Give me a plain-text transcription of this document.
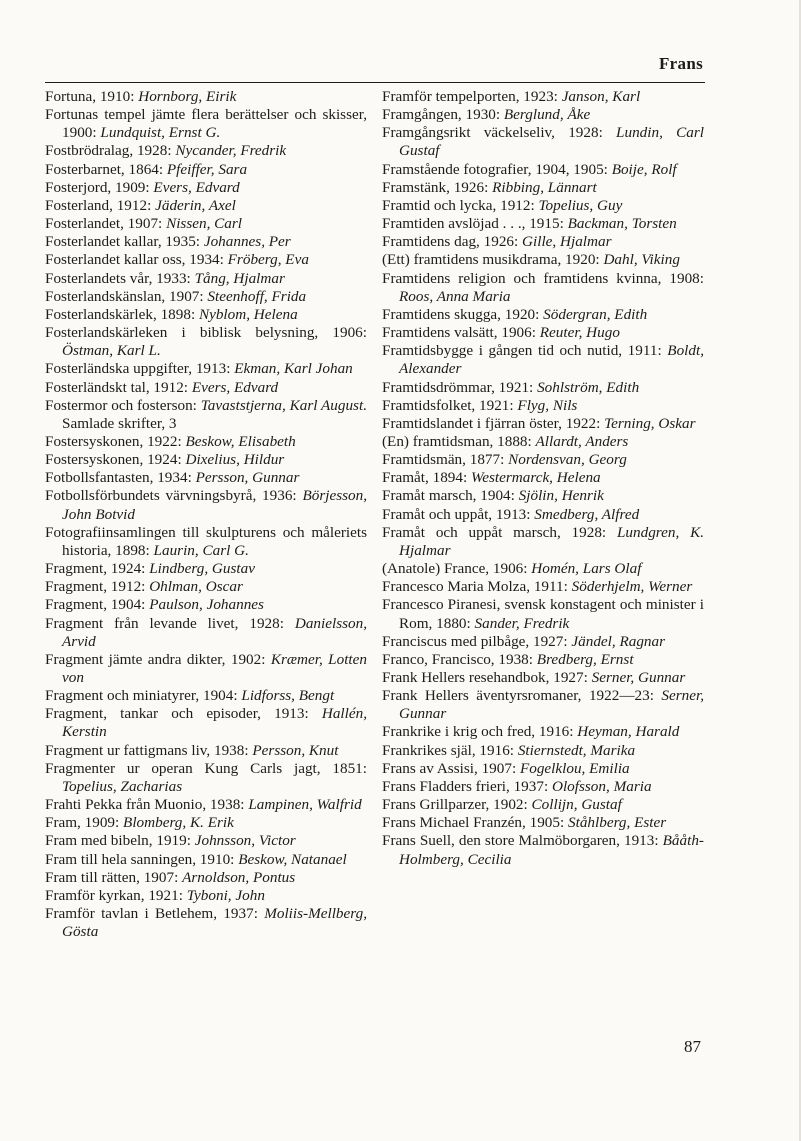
Frans
Fortuna, 1910: Hornborg, Eirik
Fortunas tempel jämte flera berättelser och skisser, 1900: Lundquist, Ernst G.
Fostbrödralag, 1928: Nycander, Fredrik
Fosterbarnet, 1864: Pfeiffer, Sara
Fosterjord, 1909: Evers, Edvard
Fosterland, 1912: Jäderin, Axel
Fosterlandet, 1907: Nissen, Carl
Fosterlandet kallar, 1935: Johannes, Per
Fosterlandet kallar oss, 1934: Fröberg, Eva
Fosterlandets vår, 1933: Tång, Hjalmar
Fosterlandskänslan, 1907: Steenhoff, Frida
Fosterlandskärlek, 1898: Nyblom, Helena
Fosterlandskärleken i biblisk belysning, 1906: Östman, Karl L.
Fosterländska uppgifter, 1913: Ekman, Karl Johan
Fosterländskt tal, 1912: Evers, Edvard
Fostermor och fosterson: Tavaststjerna, Karl August. Samlade skrifter, 3
Fostersyskonen, 1922: Beskow, Elisabeth
Fostersyskonen, 1924: Dixelius, Hildur
Fotbollsfantasten, 1934: Persson, Gunnar
Fotbollsförbundets värvningsbyrå, 1936: Börjesson, John Botvid
Fotografiinsamlingen till skulpturens och måleriets historia, 1898: Laurin, Carl G.
Fragment, 1924: Lindberg, Gustav
Fragment, 1912: Ohlman, Oscar
Fragment, 1904: Paulson, Johannes
Fragment från levande livet, 1928: Danielsson, Arvid
Fragment jämte andra dikter, 1902: Kræmer, Lotten von
Fragment och miniatyrer, 1904: Lidforss, Bengt
Fragment, tankar och episoder, 1913: Hallén, Kerstin
Fragment ur fattigmans liv, 1938: Persson, Knut
Fragmenter ur operan Kung Carls jagt, 1851: Topelius, Zacharias
Frahti Pekka från Muonio, 1938: Lampinen, Walfrid
Fram, 1909: Blomberg, K. Erik
Fram med bibeln, 1919: Johnsson, Victor
Fram till hela sanningen, 1910: Beskow, Natanael
Fram till rätten, 1907: Arnoldson, Pontus
Framför kyrkan, 1921: Tyboni, John
Framför tavlan i Betlehem, 1937: Moliis-Mellberg, Gösta
Framför tempelporten, 1923: Janson, Karl
Framgången, 1930: Berglund, Åke
Framgångsrikt väckelseliv, 1928: Lundin, Carl Gustaf
Framstående fotografier, 1904, 1905: Boije, Rolf
Framstänk, 1926: Ribbing, Lännart
Framtid och lycka, 1912: Topelius, Guy
Framtiden avslöjad . . ., 1915: Backman, Torsten
Framtidens dag, 1926: Gille, Hjalmar
(Ett) framtidens musikdrama, 1920: Dahl, Viking
Framtidens religion och framtidens kvinna, 1908: Roos, Anna Maria
Framtidens skugga, 1920: Södergran, Edith
Framtidens valsätt, 1906: Reuter, Hugo
Framtidsbygge i gången tid och nutid, 1911: Boldt, Alexander
Framtidsdrömmar, 1921: Sohlström, Edith
Framtidsfolket, 1921: Flyg, Nils
Framtidslandet i fjärran öster, 1922: Terning, Oskar
(En) framtidsman, 1888: Allardt, Anders
Framtidsmän, 1877: Nordensvan, Georg
Framåt, 1894: Westermarck, Helena
Framåt marsch, 1904: Sjölin, Henrik
Framåt och uppåt, 1913: Smedberg, Alfred
Framåt och uppåt marsch, 1928: Lundgren, K. Hjalmar
(Anatole) France, 1906: Homén, Lars Olaf
Francesco Maria Molza, 1911: Söderhjelm, Werner
Francesco Piranesi, svensk konstagent och minister i Rom, 1880: Sander, Fredrik
Franciscus med pilbåge, 1927: Jändel, Ragnar
Franco, Francisco, 1938: Bredberg, Ernst
Frank Hellers resehandbok, 1927: Serner, Gunnar
Frank Hellers äventyrsromaner, 1922—23: Serner, Gunnar
Frankrike i krig och fred, 1916: Heyman, Harald
Frankrikes själ, 1916: Stiernstedt, Marika
Frans av Assisi, 1907: Fogelklou, Emilia
Frans Fladders frieri, 1937: Olofsson, Maria
Frans Grillparzer, 1902: Collijn, Gustaf
Frans Michael Franzén, 1905: Ståhlberg, Ester
Frans Suell, den store Malmöborgaren, 1913: Bååth-Holmberg, Cecilia
87
